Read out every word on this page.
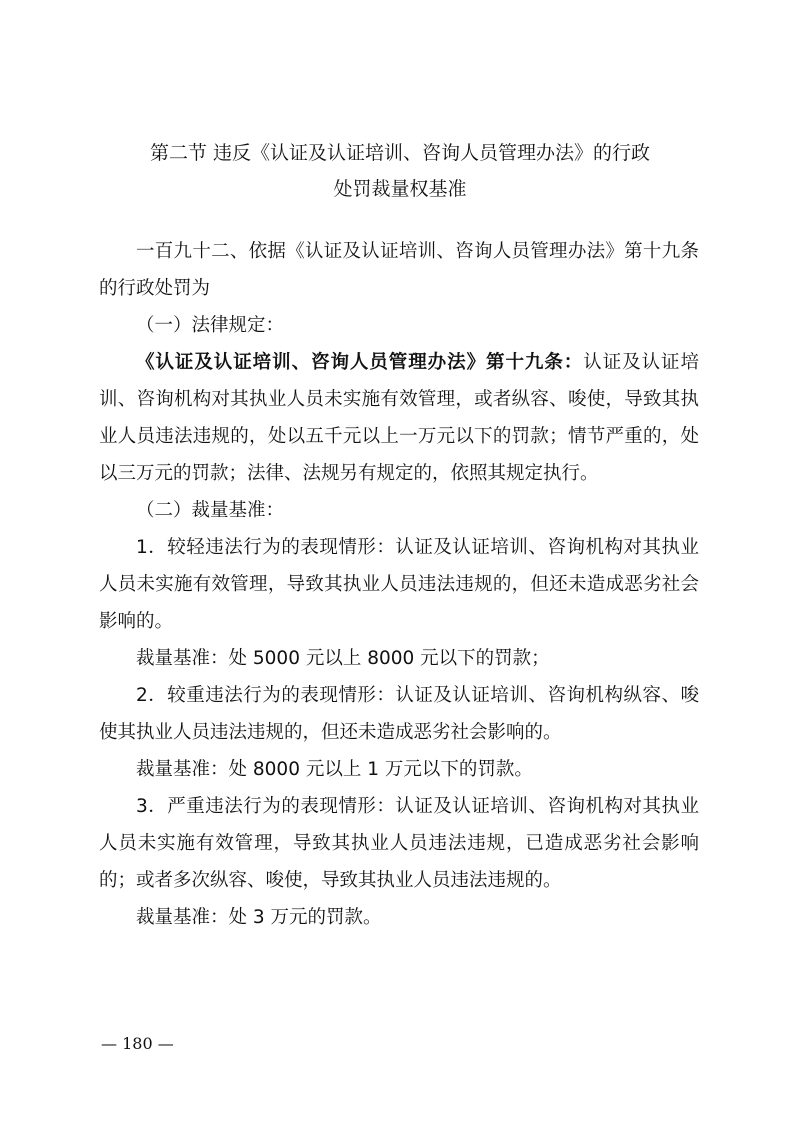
第二节 违反《认证及认证培训、咨询人员管理办法》的行政
处罚裁量权基准

一百九十二、依据《认证及认证培训、咨询人员管理办法》第十九条的行政处罚为

（一）法律规定：

《认证及认证培训、咨询人员管理办法》第十九条：认证及认证培训、咨询机构对其执业人员未实施有效管理，或者纵容、唆使，导致其执业人员违法违规的，处以五千元以上一万元以下的罚款；情节严重的，处以三万元的罚款；法律、法规另有规定的，依照其规定执行。

（二）裁量基准：

1．较轻违法行为的表现情形：认证及认证培训、咨询机构对其执业人员未实施有效管理，导致其执业人员违法违规的，但还未造成恶劣社会影响的。

裁量基准：处 5000 元以上 8000 元以下的罚款；

2．较重违法行为的表现情形：认证及认证培训、咨询机构纵容、唆使其执业人员违法违规的，但还未造成恶劣社会影响的。

裁量基准：处 8000 元以上 1 万元以下的罚款。

3．严重违法行为的表现情形：认证及认证培训、咨询机构对其执业人员未实施有效管理，导致其执业人员违法违规，已造成恶劣社会影响的；或者多次纵容、唆使，导致其执业人员违法违规的。

裁量基准：处 3 万元的罚款。

— 180 —
